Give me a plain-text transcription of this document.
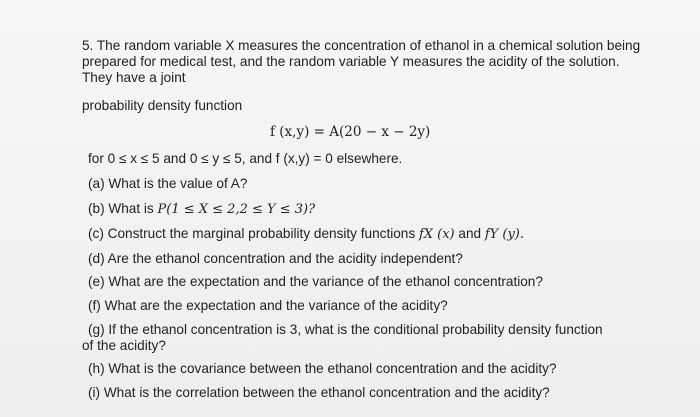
5. The random variable X measures the concentration of ethanol in a chemical solution being prepared for medical test, and the random variable Y measures the acidity of the solution. They have a joint
probability density function
f (x,y) = A(20 − x − 2y)
for 0 ≤ x ≤ 5 and 0 ≤ y ≤ 5, and f (x,y) = 0 elsewhere.
(a) What is the value of A?
(b) What is P(1 ≤ X ≤ 2,2 ≤ Y ≤ 3)?
(c) Construct the marginal probability density functions fX (x) and fY (y).
(d) Are the ethanol concentration and the acidity independent?
(e) What are the expectation and the variance of the ethanol concentration?
(f) What are the expectation and the variance of the acidity?
(g) If the ethanol concentration is 3, what is the conditional probability density function of the acidity?
(h) What is the covariance between the ethanol concentration and the acidity?
(i) What is the correlation between the ethanol concentration and the acidity?
